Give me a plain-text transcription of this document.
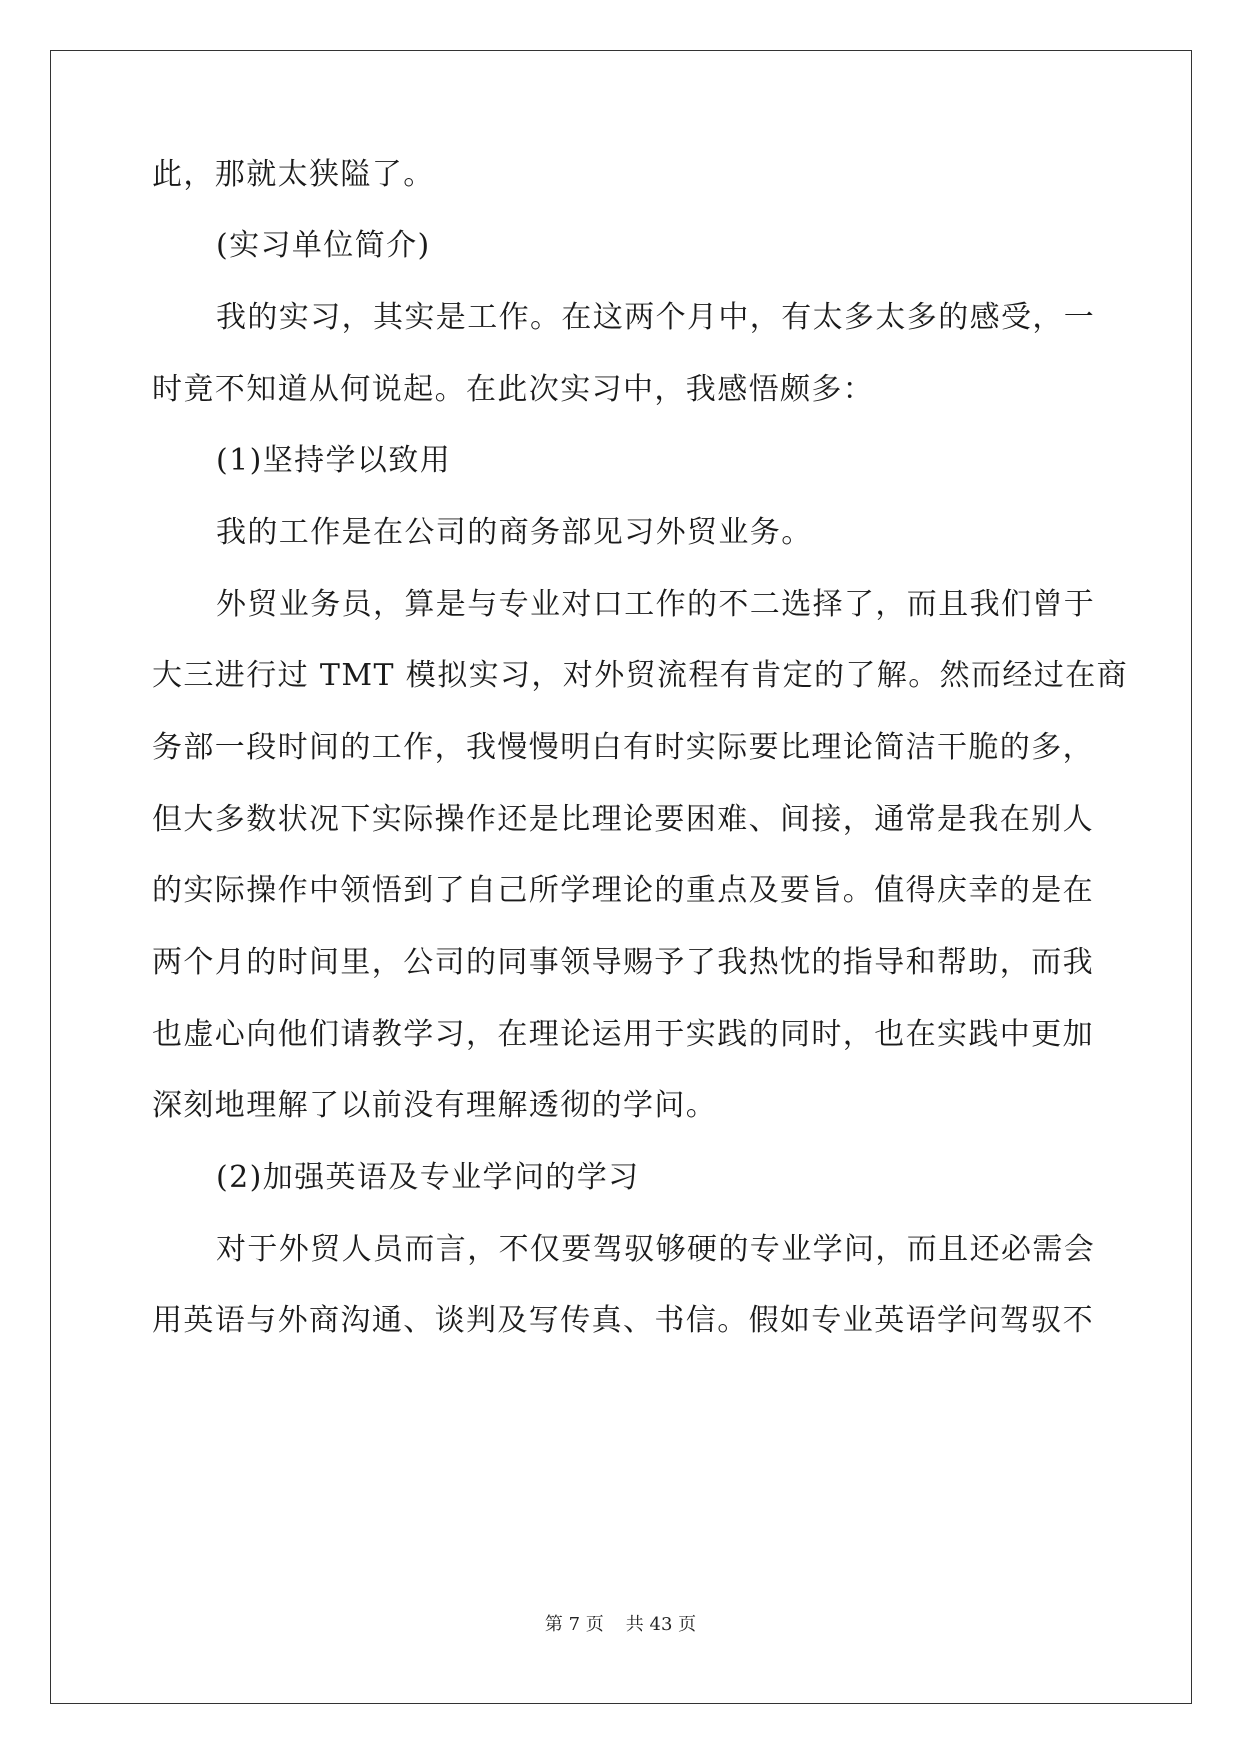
此，那就太狭隘了。
(实习单位简介)
我的实习，其实是工作。在这两个月中，有太多太多的感受，一
时竟不知道从何说起。在此次实习中，我感悟颇多：
(1)坚持学以致用
我的工作是在公司的商务部见习外贸业务。
外贸业务员，算是与专业对口工作的不二选择了，而且我们曾于
大三进行过 TMT 模拟实习，对外贸流程有肯定的了解。然而经过在商
务部一段时间的工作，我慢慢明白有时实际要比理论简洁干脆的多，
但大多数状况下实际操作还是比理论要困难、间接，通常是我在别人
的实际操作中领悟到了自己所学理论的重点及要旨。值得庆幸的是在
两个月的时间里，公司的同事领导赐予了我热忱的指导和帮助，而我
也虚心向他们请教学习，在理论运用于实践的同时，也在实践中更加
深刻地理解了以前没有理解透彻的学问。
(2)加强英语及专业学问的学习
对于外贸人员而言，不仅要驾驭够硬的专业学问，而且还必需会
用英语与外商沟通、谈判及写传真、书信。假如专业英语学问驾驭不
第 7 页 共 43 页
